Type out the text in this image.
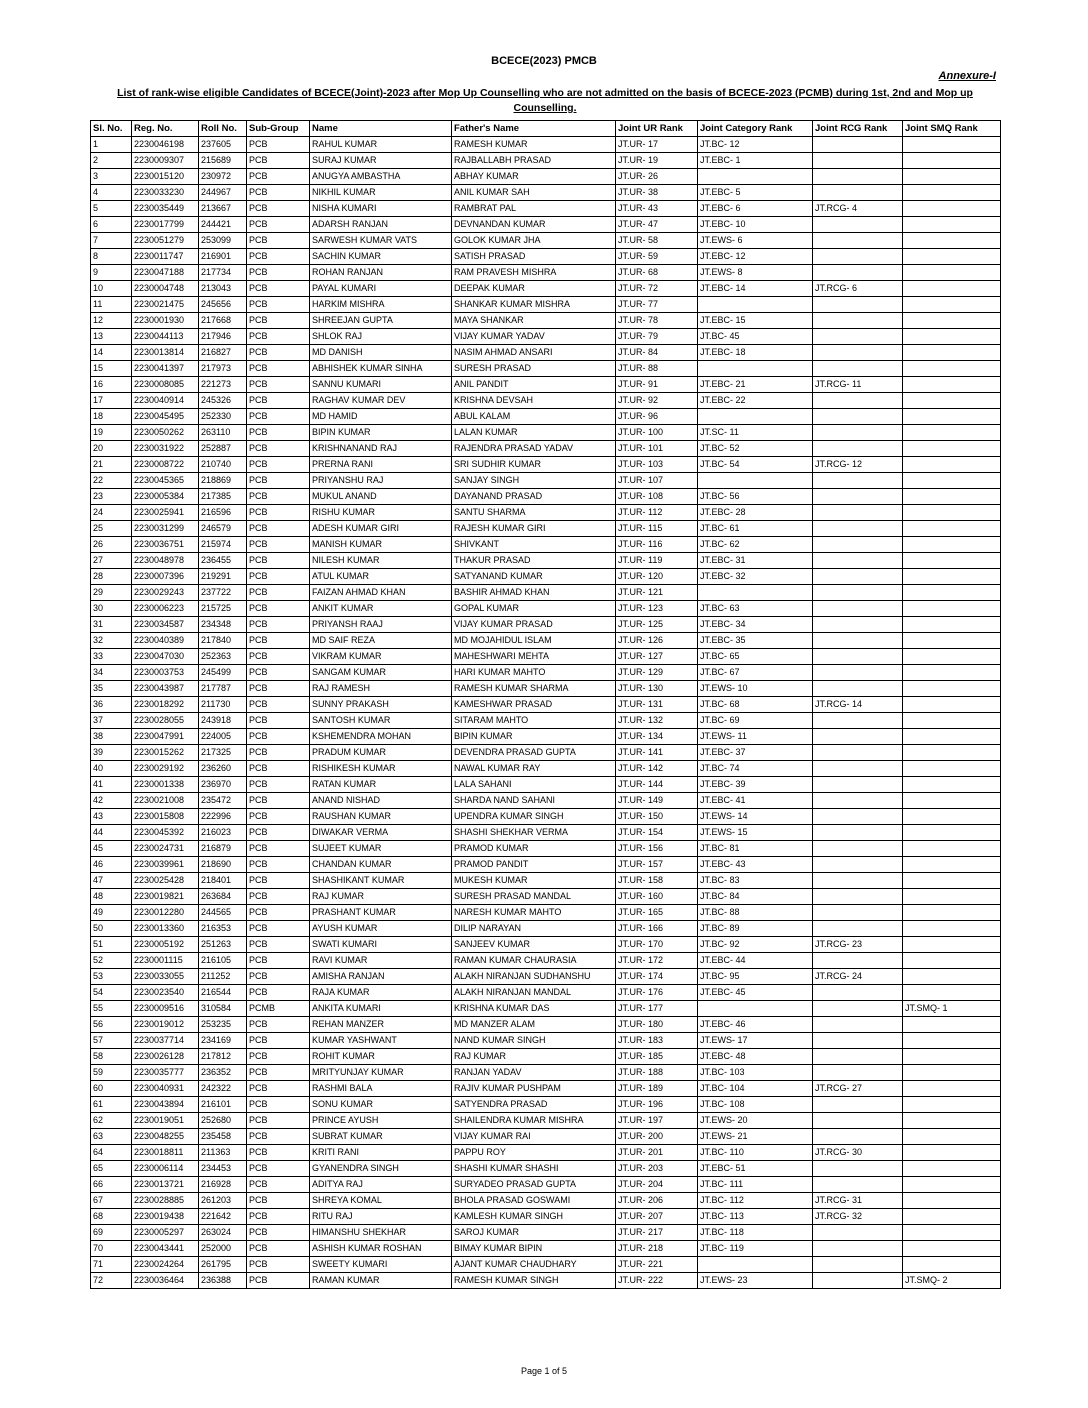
BCECE(2023) PMCB
Annexure-I
List of rank-wise eligible Candidates of BCECE(Joint)-2023 after Mop Up Counselling who are not admitted on the basis of BCECE-2023 (PCMB) during 1st, 2nd and Mop up Counselling.
Sl. No.	Reg. No.	Roll No.	Sub-Group	Name	Father's Name	Joint UR Rank	Joint Category Rank	Joint RCG Rank	Joint SMQ Rank
1	2230046198	237605	PCB	RAHUL KUMAR	RAMESH KUMAR	JT.UR- 17	JT.BC- 12		
2	2230009307	215689	PCB	SURAJ KUMAR	RAJBALLABH PRASAD	JT.UR- 19	JT.EBC- 1		
3	2230015120	230972	PCB	ANUGYA AMBASTHA	ABHAY KUMAR	JT.UR- 26			
4	2230033230	244967	PCB	NIKHIL KUMAR	ANIL KUMAR SAH	JT.UR- 38	JT.EBC- 5		
5	2230035449	213667	PCB	NISHA KUMARI	RAMBRAT PAL	JT.UR- 43	JT.EBC- 6	JT.RCG- 4	
6	2230017799	244421	PCB	ADARSH RANJAN	DEVNANDAN KUMAR	JT.UR- 47	JT.EBC- 10		
7	2230051279	253099	PCB	SARWESH KUMAR VATS	GOLOK KUMAR JHA	JT.UR- 58	JT.EWS- 6		
8	2230011747	216901	PCB	SACHIN KUMAR	SATISH PRASAD	JT.UR- 59	JT.EBC- 12		
9	2230047188	217734	PCB	ROHAN RANJAN	RAM PRAVESH MISHRA	JT.UR- 68	JT.EWS- 8		
10	2230004748	213043	PCB	PAYAL KUMARI	DEEPAK KUMAR	JT.UR- 72	JT.EBC- 14	JT.RCG- 6	
11	2230021475	245656	PCB	HARKIM MISHRA	SHANKAR KUMAR MISHRA	JT.UR- 77			
12	2230001930	217668	PCB	SHREEJAN GUPTA	MAYA SHANKAR	JT.UR- 78	JT.EBC- 15		
13	2230044113	217946	PCB	SHLOK RAJ	VIJAY KUMAR YADAV	JT.UR- 79	JT.BC- 45		
14	2230013814	216827	PCB	MD DANISH	NASIM AHMAD ANSARI	JT.UR- 84	JT.EBC- 18		
15	2230041397	217973	PCB	ABHISHEK KUMAR SINHA	SURESH PRASAD	JT.UR- 88			
16	2230008085	221273	PCB	SANNU KUMARI	ANIL PANDIT	JT.UR- 91	JT.EBC- 21	JT.RCG- 11	
17	2230040914	245326	PCB	RAGHAV KUMAR DEV	KRISHNA DEVSAH	JT.UR- 92	JT.EBC- 22		
18	2230045495	252330	PCB	MD HAMID	ABUL KALAM	JT.UR- 96			
19	2230050262	263110	PCB	BIPIN KUMAR	LALAN KUMAR	JT.UR- 100	JT.SC- 11		
20	2230031922	252887	PCB	KRISHNANAND RAJ	RAJENDRA PRASAD YADAV	JT.UR- 101	JT.BC- 52		
21	2230008722	210740	PCB	PRERNA RANI	SRI SUDHIR KUMAR	JT.UR- 103	JT.BC- 54	JT.RCG- 12	
22	2230045365	218869	PCB	PRIYANSHU RAJ	SANJAY SINGH	JT.UR- 107			
23	2230005384	217385	PCB	MUKUL ANAND	DAYANAND PRASAD	JT.UR- 108	JT.BC- 56		
24	2230025941	216596	PCB	RISHU KUMAR	SANTU SHARMA	JT.UR- 112	JT.EBC- 28		
25	2230031299	246579	PCB	ADESH KUMAR GIRI	RAJESH KUMAR GIRI	JT.UR- 115	JT.BC- 61		
26	2230036751	215974	PCB	MANISH KUMAR	SHIVKANT	JT.UR- 116	JT.BC- 62		
27	2230048978	236455	PCB	NILESH KUMAR	THAKUR PRASAD	JT.UR- 119	JT.EBC- 31		
28	2230007396	219291	PCB	ATUL KUMAR	SATYANAND KUMAR	JT.UR- 120	JT.EBC- 32		
29	2230029243	237722	PCB	FAIZAN AHMAD KHAN	BASHIR AHMAD KHAN	JT.UR- 121			
30	2230006223	215725	PCB	ANKIT KUMAR	GOPAL KUMAR	JT.UR- 123	JT.BC- 63		
31	2230034587	234348	PCB	PRIYANSH RAAJ	VIJAY KUMAR PRASAD	JT.UR- 125	JT.EBC- 34		
32	2230040389	217840	PCB	MD SAIF REZA	MD MOJAHIDUL ISLAM	JT.UR- 126	JT.EBC- 35		
33	2230047030	252363	PCB	VIKRAM KUMAR	MAHESHWARI MEHTA	JT.UR- 127	JT.BC- 65		
34	2230003753	245499	PCB	SANGAM KUMAR	HARI KUMAR MAHTO	JT.UR- 129	JT.BC- 67		
35	2230043987	217787	PCB	RAJ RAMESH	RAMESH KUMAR SHARMA	JT.UR- 130	JT.EWS- 10		
36	2230018292	211730	PCB	SUNNY PRAKASH	KAMESHWAR PRASAD	JT.UR- 131	JT.BC- 68	JT.RCG- 14	
37	2230028055	243918	PCB	SANTOSH KUMAR	SITARAM MAHTO	JT.UR- 132	JT.BC- 69		
38	2230047991	224005	PCB	KSHEMENDRA MOHAN	BIPIN KUMAR	JT.UR- 134	JT.EWS- 11		
39	2230015262	217325	PCB	PRADUM KUMAR	DEVENDRA PRASAD GUPTA	JT.UR- 141	JT.EBC- 37		
40	2230029192	236260	PCB	RISHIKESH KUMAR	NAWAL KUMAR RAY	JT.UR- 142	JT.BC- 74		
41	2230001338	236970	PCB	RATAN KUMAR	LALA SAHANI	JT.UR- 144	JT.EBC- 39		
42	2230021008	235472	PCB	ANAND NISHAD	SHARDA NAND SAHANI	JT.UR- 149	JT.EBC- 41		
43	2230015808	222996	PCB	RAUSHAN KUMAR	UPENDRA KUMAR SINGH	JT.UR- 150	JT.EWS- 14		
44	2230045392	216023	PCB	DIWAKAR VERMA	SHASHI SHEKHAR VERMA	JT.UR- 154	JT.EWS- 15		
45	2230024731	216879	PCB	SUJEET KUMAR	PRAMOD KUMAR	JT.UR- 156	JT.BC- 81		
46	2230039961	218690	PCB	CHANDAN KUMAR	PRAMOD PANDIT	JT.UR- 157	JT.EBC- 43		
47	2230025428	218401	PCB	SHASHIKANT KUMAR	MUKESH KUMAR	JT.UR- 158	JT.BC- 83		
48	2230019821	263684	PCB	RAJ KUMAR	SURESH PRASAD MANDAL	JT.UR- 160	JT.BC- 84		
49	2230012280	244565	PCB	PRASHANT KUMAR	NARESH KUMAR MAHTO	JT.UR- 165	JT.BC- 88		
50	2230013360	216353	PCB	AYUSH KUMAR	DILIP NARAYAN	JT.UR- 166	JT.BC- 89		
51	2230005192	251263	PCB	SWATI KUMARI	SANJEEV KUMAR	JT.UR- 170	JT.BC- 92	JT.RCG- 23	
52	2230001115	216105	PCB	RAVI KUMAR	RAMAN KUMAR CHAURASIA	JT.UR- 172	JT.EBC- 44		
53	2230033055	211252	PCB	AMISHA RANJAN	ALAKH NIRANJAN SUDHANSHU	JT.UR- 174	JT.BC- 95	JT.RCG- 24	
54	2230023540	216544	PCB	RAJA KUMAR	ALAKH NIRANJAN MANDAL	JT.UR- 176	JT.EBC- 45		
55	2230009516	310584	PCMB	ANKITA KUMARI	KRISHNA KUMAR DAS	JT.UR- 177			JT.SMQ- 1
56	2230019012	253235	PCB	REHAN MANZER	MD MANZER ALAM	JT.UR- 180	JT.EBC- 46		
57	2230037714	234169	PCB	KUMAR YASHWANT	NAND KUMAR SINGH	JT.UR- 183	JT.EWS- 17		
58	2230026128	217812	PCB	ROHIT KUMAR	RAJ KUMAR	JT.UR- 185	JT.EBC- 48		
59	2230035777	236352	PCB	MRITYUNJAY KUMAR	RANJAN YADAV	JT.UR- 188	JT.BC- 103		
60	2230040931	242322	PCB	RASHMI BALA	RAJIV KUMAR PUSHPAM	JT.UR- 189	JT.BC- 104	JT.RCG- 27	
61	2230043894	216101	PCB	SONU KUMAR	SATYENDRA PRASAD	JT.UR- 196	JT.BC- 108		
62	2230019051	252680	PCB	PRINCE AYUSH	SHAILENDRA KUMAR MISHRA	JT.UR- 197	JT.EWS- 20		
63	2230048255	235458	PCB	SUBRAT KUMAR	VIJAY KUMAR RAI	JT.UR- 200	JT.EWS- 21		
64	2230018811	211363	PCB	KRITI RANI	PAPPU ROY	JT.UR- 201	JT.BC- 110	JT.RCG- 30	
65	2230006114	234453	PCB	GYANENDRA SINGH	SHASHI KUMAR SHASHI	JT.UR- 203	JT.EBC- 51		
66	2230013721	216928	PCB	ADITYA RAJ	SURYADEO PRASAD GUPTA	JT.UR- 204	JT.BC- 111		
67	2230028885	261203	PCB	SHREYA KOMAL	BHOLA PRASAD GOSWAMI	JT.UR- 206	JT.BC- 112	JT.RCG- 31	
68	2230019438	221642	PCB	RITU RAJ	KAMLESH KUMAR SINGH	JT.UR- 207	JT.BC- 113	JT.RCG- 32	
69	2230005297	263024	PCB	HIMANSHU SHEKHAR	SAROJ KUMAR	JT.UR- 217	JT.BC- 118		
70	2230043441	252000	PCB	ASHISH KUMAR ROSHAN	BIMAY KUMAR BIPIN	JT.UR- 218	JT.BC- 119		
71	2230024264	261795	PCB	SWEETY KUMARI	AJANT KUMAR CHAUDHARY	JT.UR- 221			
72	2230036464	236388	PCB	RAMAN KUMAR	RAMESH KUMAR SINGH	JT.UR- 222	JT.EWS- 23		JT.SMQ- 2
Page 1 of 5
